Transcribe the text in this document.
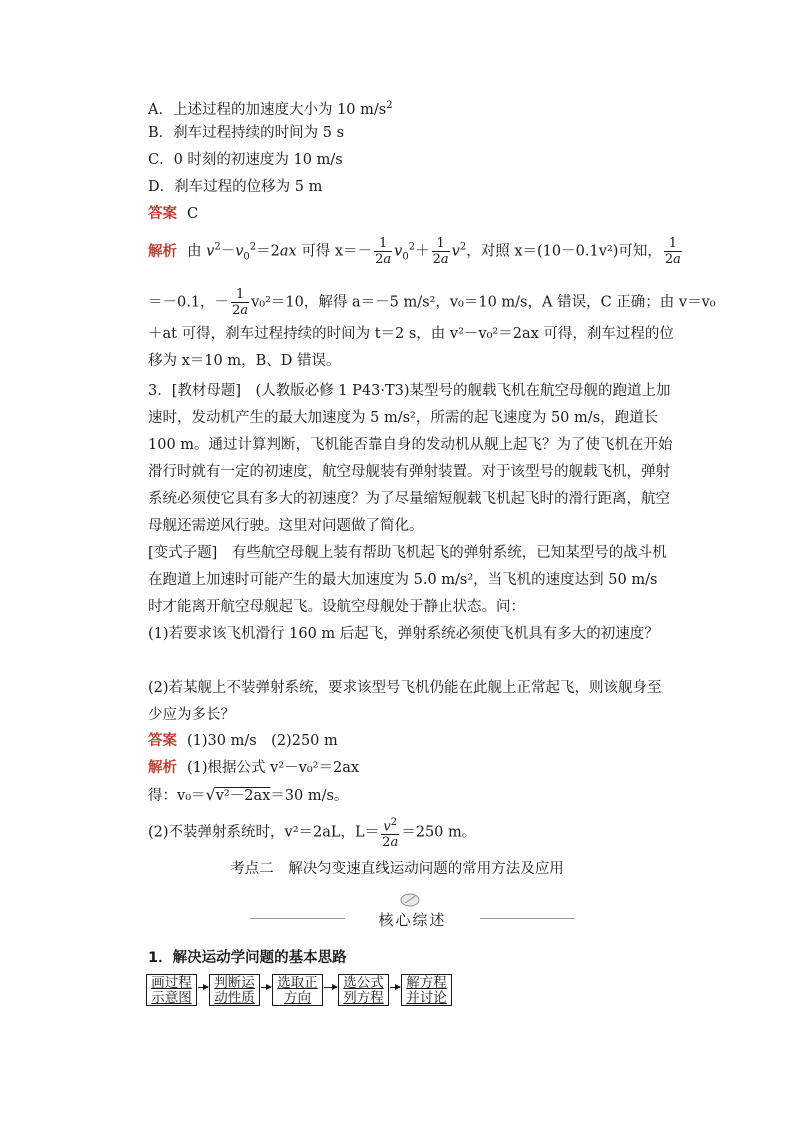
A．上述过程的加速度大小为 10 $m/s^2$
B．刹车过程持续的时间为 5 s
C．0 时刻的初速度为 10 m/s
D．刹车过程的位移为 5 m
答案 C
解析 由 $v^2-v_0^2=2ax$ 可得 $x=- \frac{1}{2a} v_0^2+ \frac{1}{2a} v^2$，对照 x＝(10－0.1v²)可知， $\frac{1}{2a}$
＝－0.1，－ $\frac{1}{2a} v_0^2=10$，解得 a＝－5 m/s²，v₀＝10 m/s，A 错误，C 正确；由 v＝v₀
＋at 可得，刹车过程持续的时间为 t＝2 s，由 v²－v₀²＝2ax 可得，刹车过程的位
移为 x＝10 m，B、D 错误。
3．[教材母题]　(人教版必修 1 P43·T3)某型号的舰载飞机在航空母舰的跑道上加速时，发动机产生的最大加速度为 5 m/s²，所需的起飞速度为 50 m/s，跑道长 100 m。通过计算判断，飞机能否靠自身的发动机从舰上起飞？为了使飞机在开始滑行时就有一定的初速度，航空母舰装有弹射装置。对于该型号的舰载飞机，弹射系统必须使它具有多大的初速度？为了尽量缩短舰载飞机起飞时的滑行距离，航空母舰还需逆风行驶。这里对问题做了简化。
[变式子题]　有些航空母舰上装有帮助飞机起飞的弹射系统，已知某型号的战斗机在跑道上加速时可能产生的最大加速度为 5.0 m/s²，当飞机的速度达到 50 m/s 时才能离开航空母舰起飞。设航空母舰处于静止状态。问：
(1)若要求该飞机滑行 160 m 后起飞，弹射系统必须使飞机具有多大的初速度？
(2)若某舰上不装弹射系统，要求该型号飞机仍能在此舰上正常起飞，则该舰身至少应为多长？
答案 (1)30 m/s　(2)250 m
解析 (1)根据公式 v²－v₀²＝2ax
得：v₀＝√v²－2ax＝30 m/s。
(2)不装弹射系统时，v²＝2aL，$L= \frac{v^2}{2a} =250$ m。
考点二　解决匀变速直线运动问题的常用方法及应用
核心综述
1．解决运动学问题的基本思路
画过程
示意图
判断运
动性质
选取正
方向
选公式
列方程
解方程
并讨论
